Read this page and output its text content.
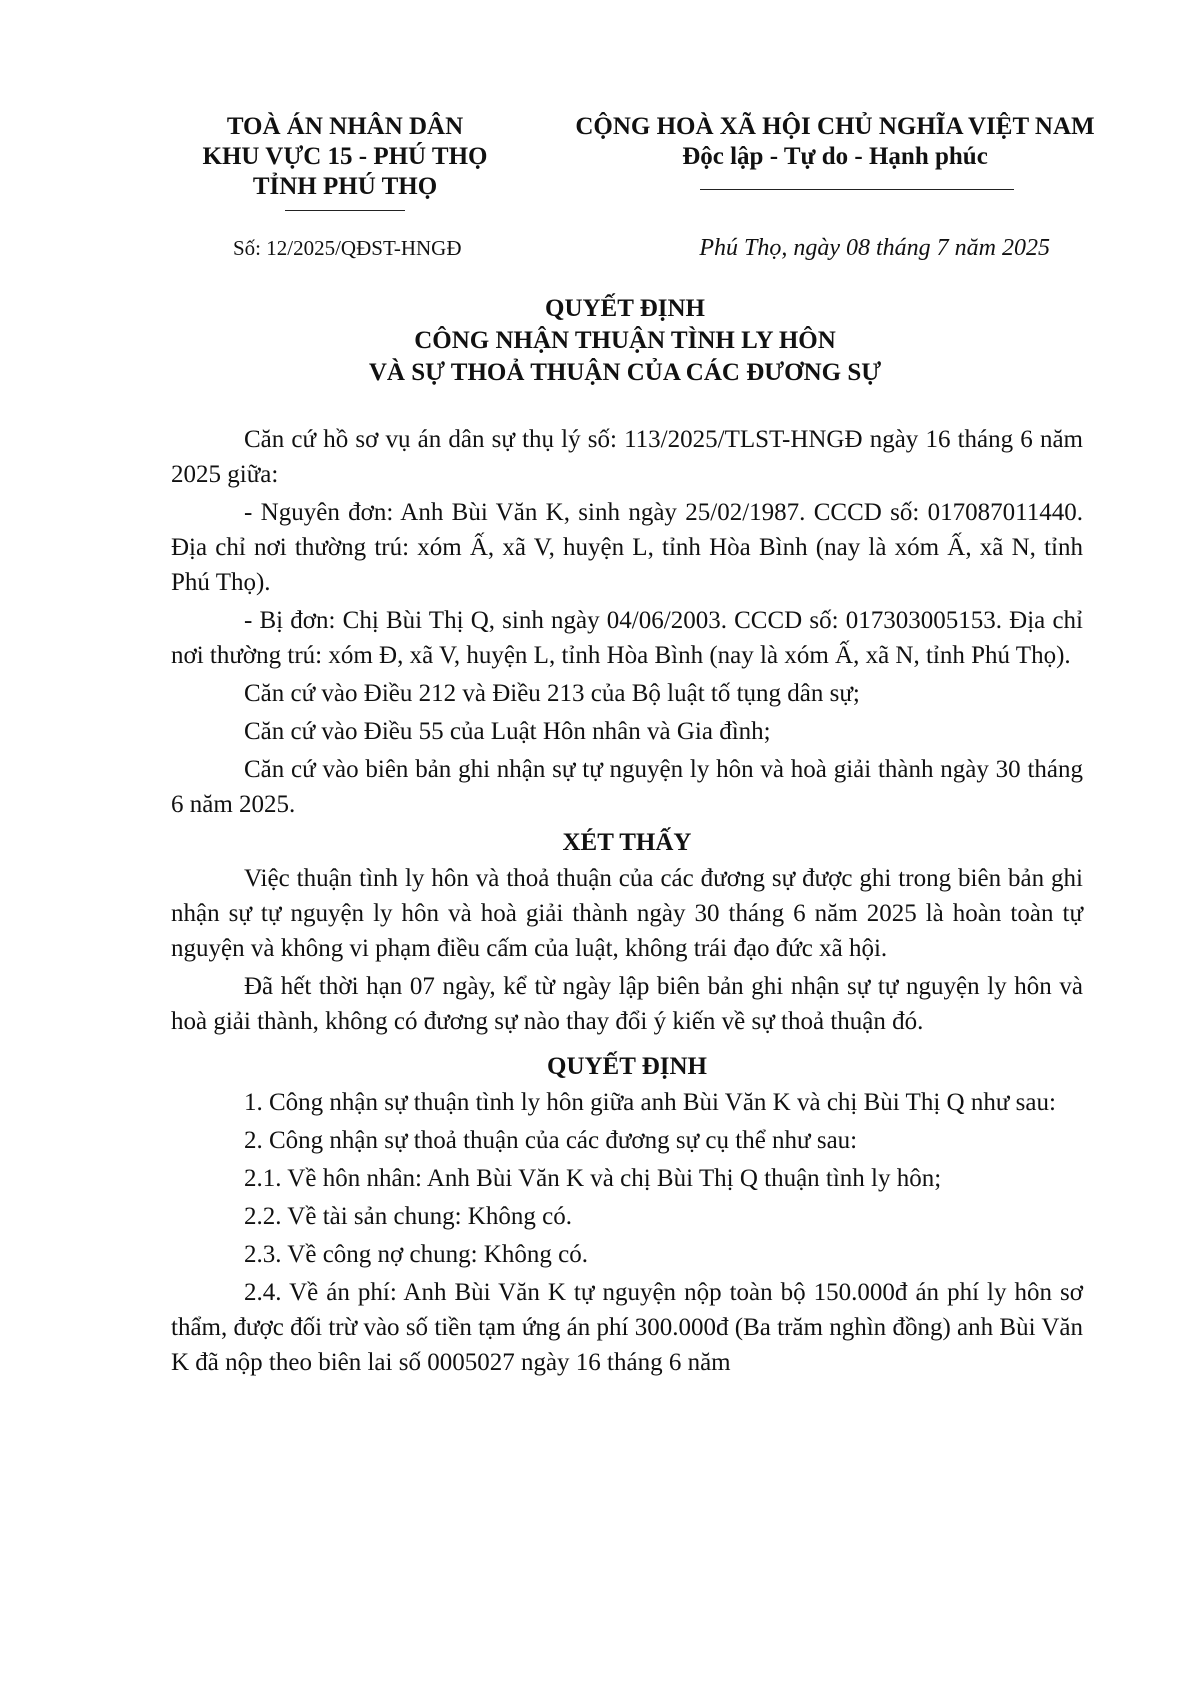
TOÀ ÁN NHÂN DÂN
KHU VỰC 15 - PHÚ THỌ
TỈNH PHÚ THỌ
CỘNG HOÀ XÃ HỘI CHỦ NGHĨA VIỆT NAM
Độc lập - Tự do - Hạnh phúc
Số: 12/2025/QĐST-HNGĐ	Phú Thọ, ngày 08 tháng 7 năm 2025
QUYẾT ĐỊNH
CÔNG NHẬN THUẬN TÌNH LY HÔN
VÀ SỰ THOẢ THUẬN CỦA CÁC ĐƯƠNG SỰ

Căn cứ hồ sơ vụ án dân sự thụ lý số: 113/2025/TLST-HNGĐ ngày 16 tháng 6 năm 2025 giữa:

- Nguyên đơn: Anh Bùi Văn K, sinh ngày 25/02/1987. CCCD số: 017087011440. Địa chỉ nơi thường trú: xóm Ấ, xã V, huyện L, tỉnh Hòa Bình (nay là xóm Ấ, xã N, tỉnh Phú Thọ).

- Bị đơn: Chị Bùi Thị Q, sinh ngày 04/06/2003. CCCD số: 017303005153. Địa chỉ nơi thường trú: xóm Đ, xã V, huyện L, tỉnh Hòa Bình (nay là xóm Ấ, xã N, tỉnh Phú Thọ).

Căn cứ vào Điều 212 và Điều 213 của Bộ luật tố tụng dân sự;

Căn cứ vào Điều 55 của Luật Hôn nhân và Gia đình;

Căn cứ vào biên bản ghi nhận sự tự nguyện ly hôn và hoà giải thành ngày 30 tháng 6 năm 2025.

XÉT THẤY

Việc thuận tình ly hôn và thoả thuận của các đương sự được ghi trong biên bản ghi nhận sự tự nguyện ly hôn và hoà giải thành ngày 30 tháng 6 năm 2025 là hoàn toàn tự nguyện và không vi phạm điều cấm của luật, không trái đạo đức xã hội.

Đã hết thời hạn 07 ngày, kể từ ngày lập biên bản ghi nhận sự tự nguyện ly hôn và hoà giải thành, không có đương sự nào thay đổi ý kiến về sự thoả thuận đó.

QUYẾT ĐỊNH

1. Công nhận sự thuận tình ly hôn giữa anh Bùi Văn K và chị Bùi Thị Q như sau:

2. Công nhận sự thoả thuận của các đương sự cụ thể như sau:

2.1. Về hôn nhân: Anh Bùi Văn K và chị Bùi Thị Q thuận tình ly hôn;

2.2. Về tài sản chung: Không có.

2.3. Về công nợ chung: Không có.

2.4. Về án phí: Anh Bùi Văn K tự nguyện nộp toàn bộ 150.000đ án phí ly hôn sơ thẩm, được đối trừ vào số tiền tạm ứng án phí 300.000đ (Ba trăm nghìn đồng) anh Bùi Văn K đã nộp theo biên lai số 0005027 ngày 16 tháng 6 năm
